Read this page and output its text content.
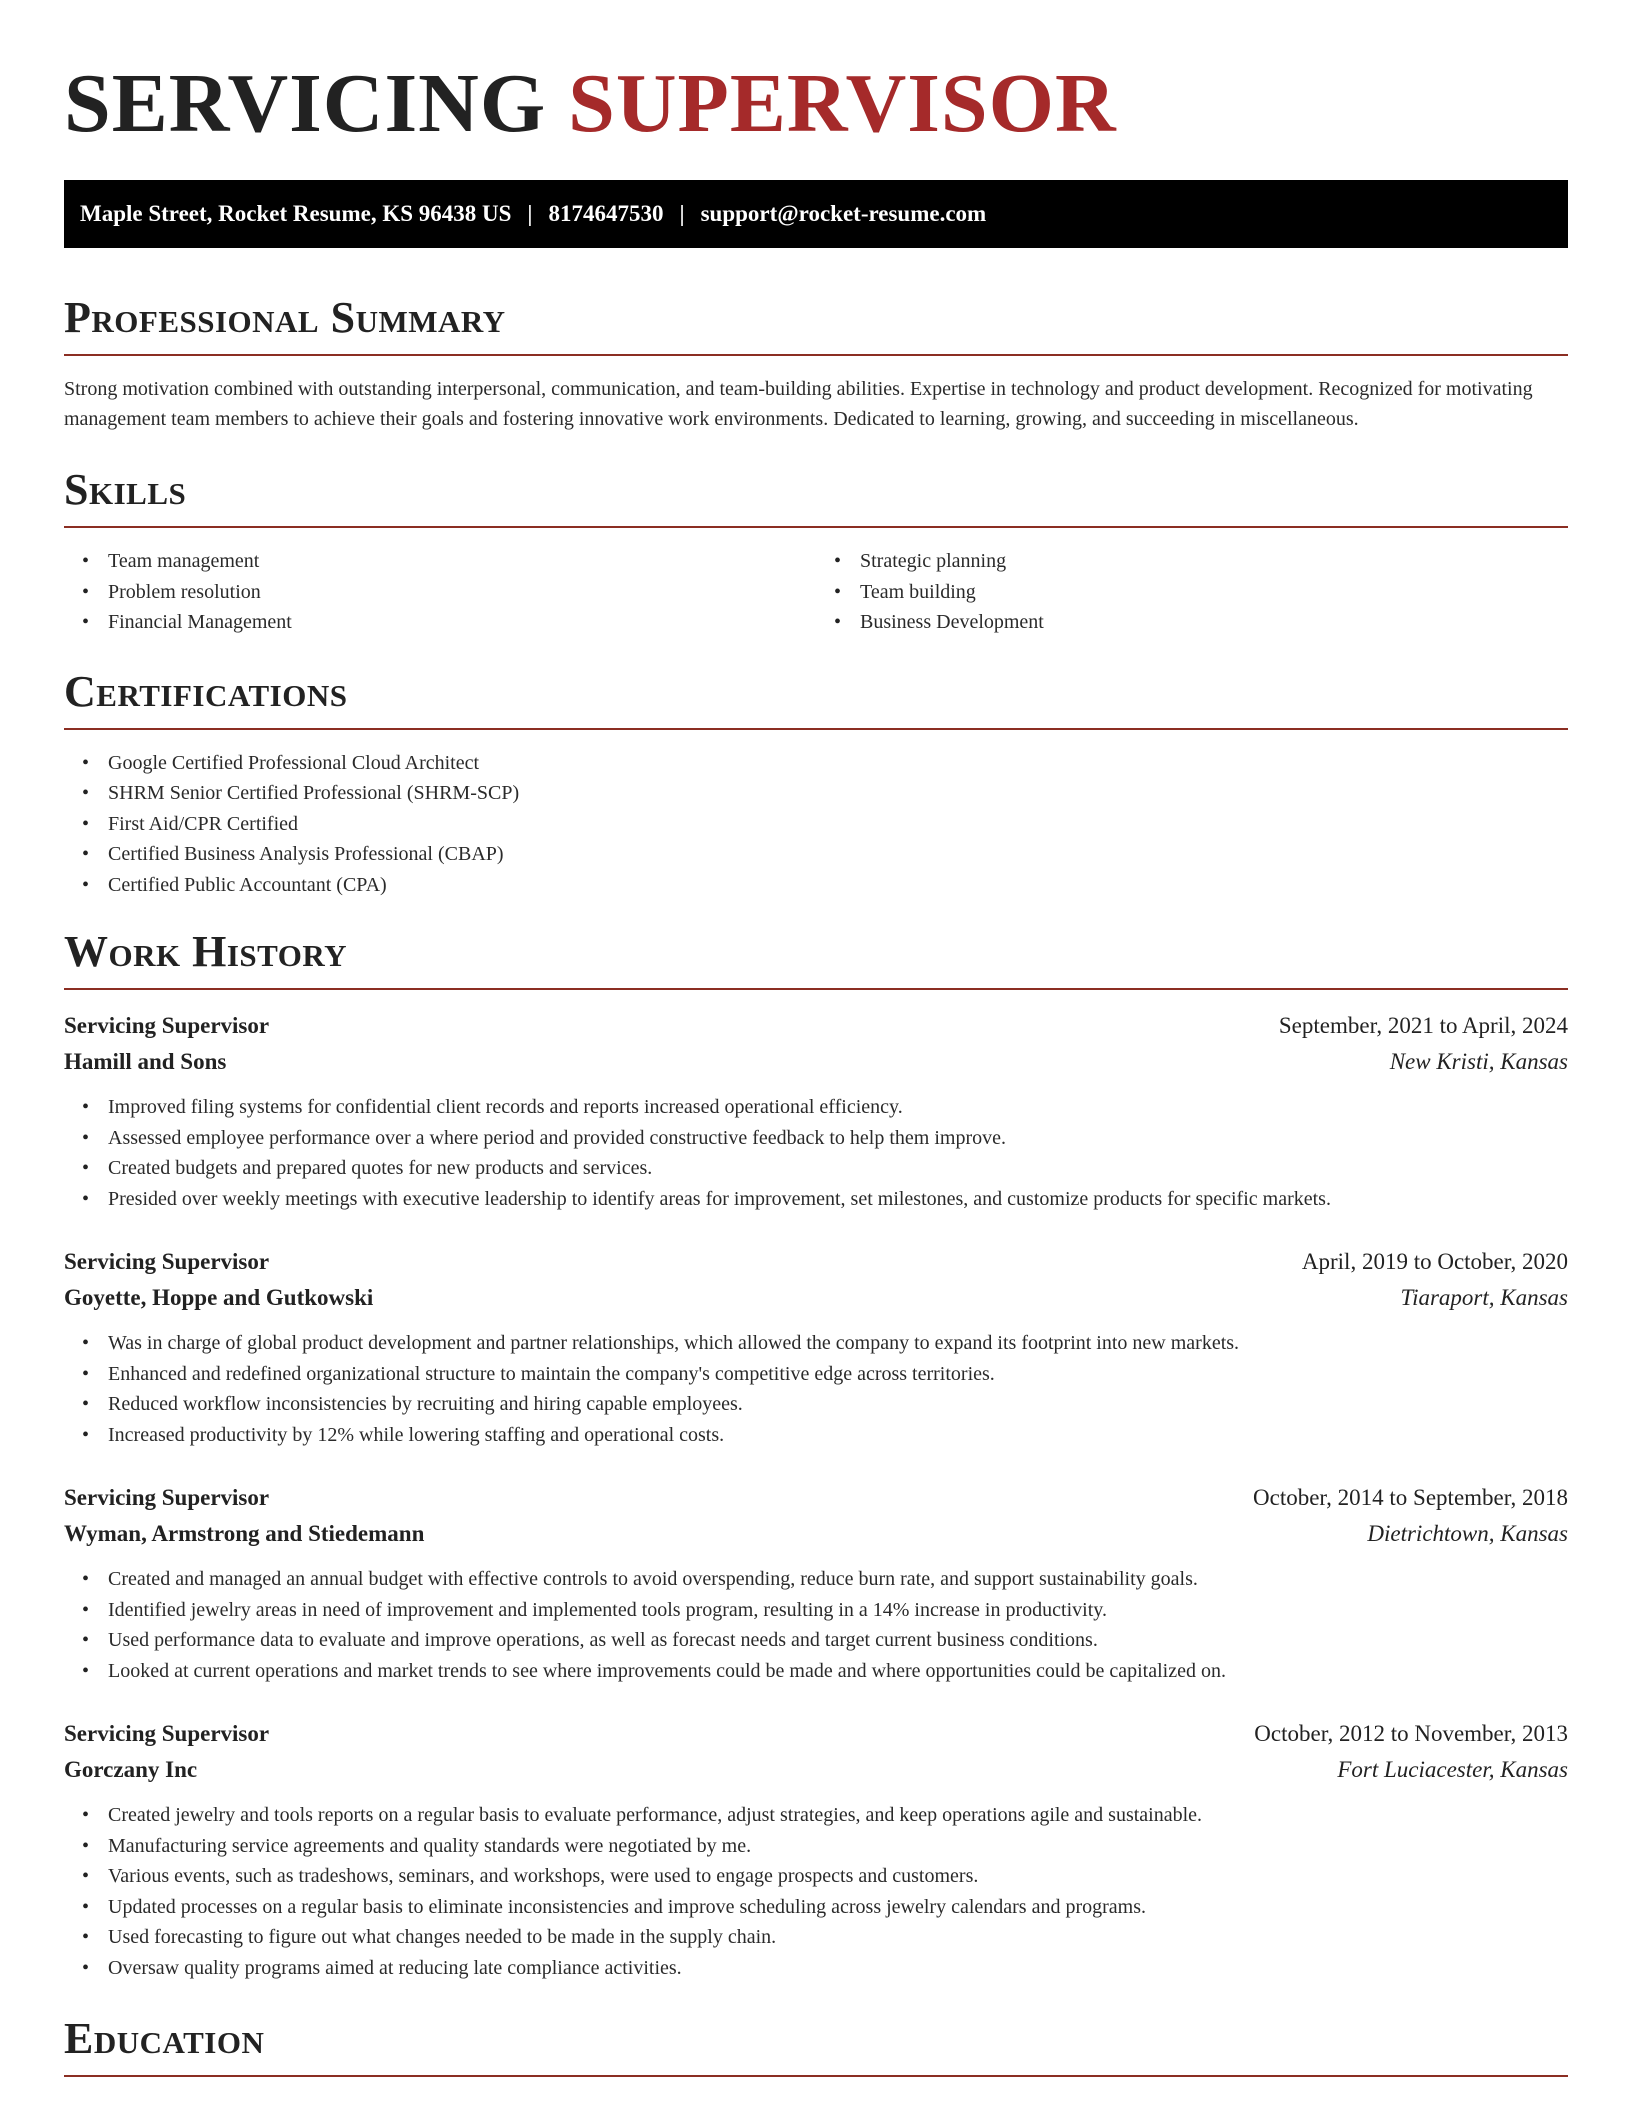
SERVICING SUPERVISOR
Maple Street, Rocket Resume, KS 96438 US | 8174647530 | support@rocket-resume.com
Professional Summary

Strong motivation combined with outstanding interpersonal, communication, and team-building abilities. Expertise in technology and product development. Recognized for motivating management team members to achieve their goals and fostering innovative work environments. Dedicated to learning, growing, and succeeding in miscellaneous.

Skills
• Team management
• Problem resolution
• Financial Management
• Strategic planning
• Team building
• Business Development
Certifications
• Google Certified Professional Cloud Architect
• SHRM Senior Certified Professional (SHRM-SCP)
• First Aid/CPR Certified
• Certified Business Analysis Professional (CBAP)
• Certified Public Accountant (CPA)
Work History
Servicing Supervisor	September, 2021 to April, 2024
Hamill and Sons	New Kristi, Kansas
• Improved filing systems for confidential client records and reports increased operational efficiency.
• Assessed employee performance over a where period and provided constructive feedback to help them improve.
• Created budgets and prepared quotes for new products and services.
• Presided over weekly meetings with executive leadership to identify areas for improvement, set milestones, and customize products for specific markets.
Servicing Supervisor	April, 2019 to October, 2020
Goyette, Hoppe and Gutkowski	Tiaraport, Kansas
• Was in charge of global product development and partner relationships, which allowed the company to expand its footprint into new markets.
• Enhanced and redefined organizational structure to maintain the company's competitive edge across territories.
• Reduced workflow inconsistencies by recruiting and hiring capable employees.
• Increased productivity by 12% while lowering staffing and operational costs.
Servicing Supervisor	October, 2014 to September, 2018
Wyman, Armstrong and Stiedemann	Dietrichtown, Kansas
• Created and managed an annual budget with effective controls to avoid overspending, reduce burn rate, and support sustainability goals.
• Identified jewelry areas in need of improvement and implemented tools program, resulting in a 14% increase in productivity.
• Used performance data to evaluate and improve operations, as well as forecast needs and target current business conditions.
• Looked at current operations and market trends to see where improvements could be made and where opportunities could be capitalized on.
Servicing Supervisor	October, 2012 to November, 2013
Gorczany Inc	Fort Luciacester, Kansas
• Created jewelry and tools reports on a regular basis to evaluate performance, adjust strategies, and keep operations agile and sustainable.
• Manufacturing service agreements and quality standards were negotiated by me.
• Various events, such as tradeshows, seminars, and workshops, were used to engage prospects and customers.
• Updated processes on a regular basis to eliminate inconsistencies and improve scheduling across jewelry calendars and programs.
• Used forecasting to figure out what changes needed to be made in the supply chain.
• Oversaw quality programs aimed at reducing late compliance activities.
Education
